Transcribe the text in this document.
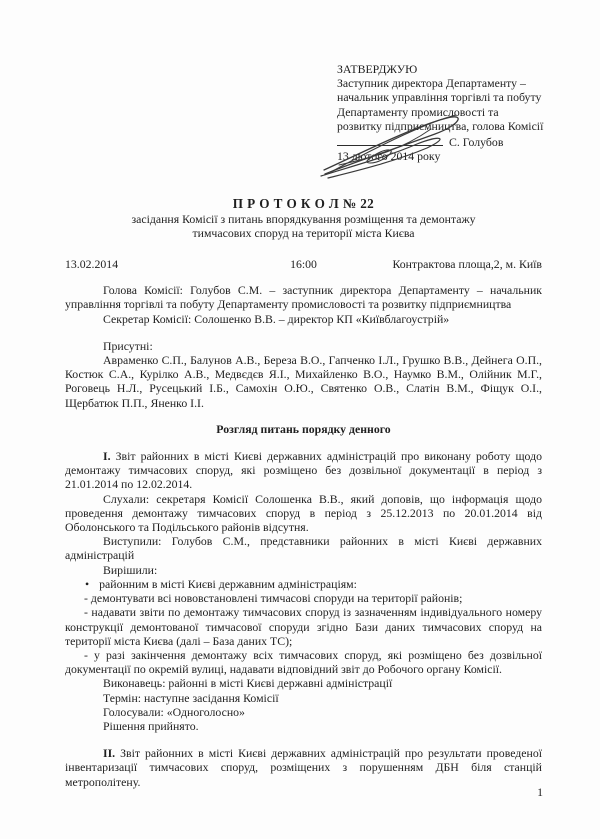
ЗАТВЕРДЖУЮ
Заступник директора Департаменту –
начальник управління торгівлі та побуту
Департаменту промисловості та
розвитку підприємництва, голова Комісії
С. Голубов
13 лютого 2014 року
П Р О Т О К О Л № 22
засідання Комісії з питань впорядкування розміщення та демонтажу
тимчасових споруд на території міста Києва
13.02.2014	16:00	Контрактова площа,2, м. Київ

Голова Комісії: Голубов С.М. – заступник директора Департаменту – начальник управління торгівлі та побуту Департаменту промисловості та розвитку підприємництва

Секретар Комісії: Солошенко В.В. – директор КП «Київблагоустрій»

Присутні:

Авраменко С.П., Балунов А.В., Береза В.О., Гапченко І.Л., Грушко В.В., Дейнега О.П., Костюк С.А., Курілко А.В., Медвєдєв Я.І., Михайленко В.О., Наумко В.М., Олійник М.Г., Роговець Н.Л., Русецький І.Б., Самохін О.Ю., Святенко О.В., Слатін В.М., Фіщук О.І., Щербатюк П.П., Яненко І.І.

Розгляд питань порядку денного

І. Звіт районних в місті Києві державних адміністрацій про виконану роботу щодо демонтажу тимчасових споруд, які розміщено без дозвільної документації в період з 21.01.2014 по 12.02.2014.

Слухали: секретаря Комісії Солошенка В.В., який доповів, що інформація щодо проведення демонтажу тимчасових споруд в період з 25.12.2013 по 20.01.2014 від Оболонського та Подільського районів відсутня.

Виступили: Голубов С.М., представники районних в місті Києві державних адміністрацій

Вирішили:

• районним в місті Києві державним адміністраціям:

- демонтувати всі нововстановлені тимчасові споруди на території районів;

- надавати звіти по демонтажу тимчасових споруд із зазначенням індивідуального номеру конструкції демонтованої тимчасової споруди згідно Бази даних тимчасових споруд на території міста Києва (далі – База даних ТС);

- у разі закінчення демонтажу всіх тимчасових споруд, які розміщено без дозвільної документації по окремій вулиці, надавати відповідний звіт до Робочого органу Комісії.

Виконавець: районні в місті Києві державні адміністрації

Термін: наступне засідання Комісії

Голосували: «Одноголосно»

Рішення прийнято.

ІІ. Звіт районних в місті Києві державних адміністрацій про результати проведеної інвентаризації тимчасових споруд, розміщених з порушенням ДБН біля станцій метрополітену.

1
